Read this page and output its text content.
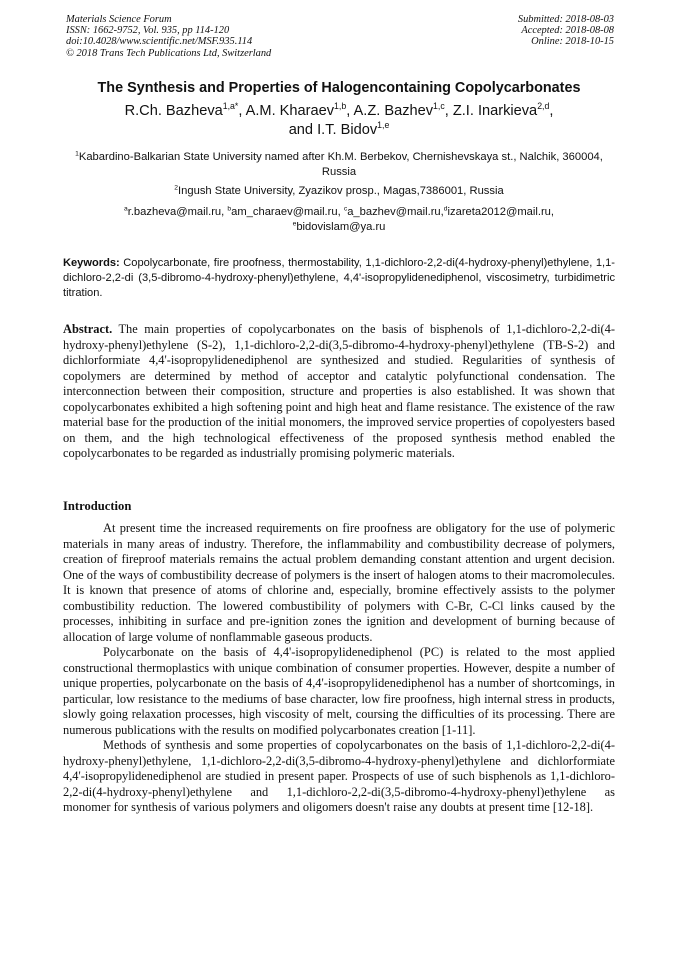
Materials Science Forum
ISSN: 1662-9752, Vol. 935, pp 114-120
doi:10.4028/www.scientific.net/MSF.935.114
© 2018 Trans Tech Publications Ltd, Switzerland
Submitted: 2018-08-03
Accepted: 2018-08-08
Online: 2018-10-15
The Synthesis and Properties of Halogencontaining Copolycarbonates
R.Ch. Bazheva$^{1,a*}$, A.M. Kharaev$^{1,b}$, A.Z. Bazhev$^{1,c}$, Z.I. Inarkieva$^{2,d}$,
and I.T. Bidov$^{1,e}$
$^1$Kabardino-Balkarian State University named after Kh.M. Berbekov, Chernishevskaya st., Nalchik, 360004, Russia
$^2$Ingush State University, Zyazikov prosp., Magas,7386001, Russia
$^a$r.bazheva@mail.ru, $^b$am_charaev@mail.ru, $^c$a_bazhev@mail.ru,$^d$izareta2012@mail.ru,
$^e$bidovislam@ya.ru
Keywords: Copolycarbonate, fire proofness, thermostability, 1,1-dichloro-2,2-di(4-hydroxy-phenyl)ethylene, 1,1-dichloro-2,2-di (3,5-dibromo-4-hydroxy-phenyl)ethylene, 4,4'-isopropylidenediphenol, viscosimetry, turbidimetric titration.
Abstract. The main properties of copolycarbonates on the basis of bisphenols of 1,1-dichloro-2,2-di(4-hydroxy-phenyl)ethylene (S-2), 1,1-dichloro-2,2-di(3,5-dibromo-4-hydroxy-phenyl)ethylene (TB-S-2) and dichlorformiate 4,4'-isopropylidenediphenol are synthesized and studied. Regularities of synthesis of copolymers are determined by method of acceptor and catalytic polyfunctional condensation. The interconnection between their composition, structure and properties is also established. It was shown that copolycarbonates exhibited a high softening point and high heat and flame resistance. The existence of the raw material base for the production of the initial monomers, the improved service properties of copolyesters based on them, and the high technological effectiveness of the proposed synthesis method enabled the copolycarbonates to be regarded as industrially promising polymeric materials.
Introduction

At present time the increased requirements on fire proofness are obligatory for the use of polymeric materials in many areas of industry. Therefore, the inflammability and combustibility decrease of polymers, creation of fireproof materials remains the actual problem demanding constant attention and urgent decision. One of the ways of combustibility decrease of polymers is the insert of halogen atoms to their macromolecules. It is known that presence of atoms of chlorine and, especially, bromine effectively assists to the polymer combustibility reduction. The lowered combustibility of polymers with C-Br, C-Cl links caused by the processes, inhibiting in surface and pre-ignition zones the ignition and development of burning because of allocation of large volume of nonflammable gaseous products.

Polycarbonate on the basis of 4,4'-isopropylidenediphenol (PC) is related to the most applied constructional thermoplastics with unique combination of consumer properties. However, despite a number of unique properties, polycarbonate on the basis of 4,4'-isopropylidenediphenol has a number of shortcomings, in particular, low resistance to the mediums of base character, low fire proofness, high internal stress in products, slowly going relaxation processes, high viscosity of melt, coursing the difficulties of its processing. There are numerous publications with the results on modified polycarbonates creation [1-11].

Methods of synthesis and some properties of copolycarbonates on the basis of 1,1-dichloro-2,2-di(4-hydroxy-phenyl)ethylene, 1,1-dichloro-2,2-di(3,5-dibromo-4-hydroxy-phenyl)ethylene and dichlorformiate 4,4'-isopropylidenediphenol are studied in present paper. Prospects of use of such bisphenols as 1,1-dichloro-2,2-di(4-hydroxy-phenyl)ethylene and 1,1-dichloro-2,2-di(3,5-dibromo-4-hydroxy-phenyl)ethylene as monomer for synthesis of various polymers and oligomers doesn't raise any doubts at present time [12-18].
